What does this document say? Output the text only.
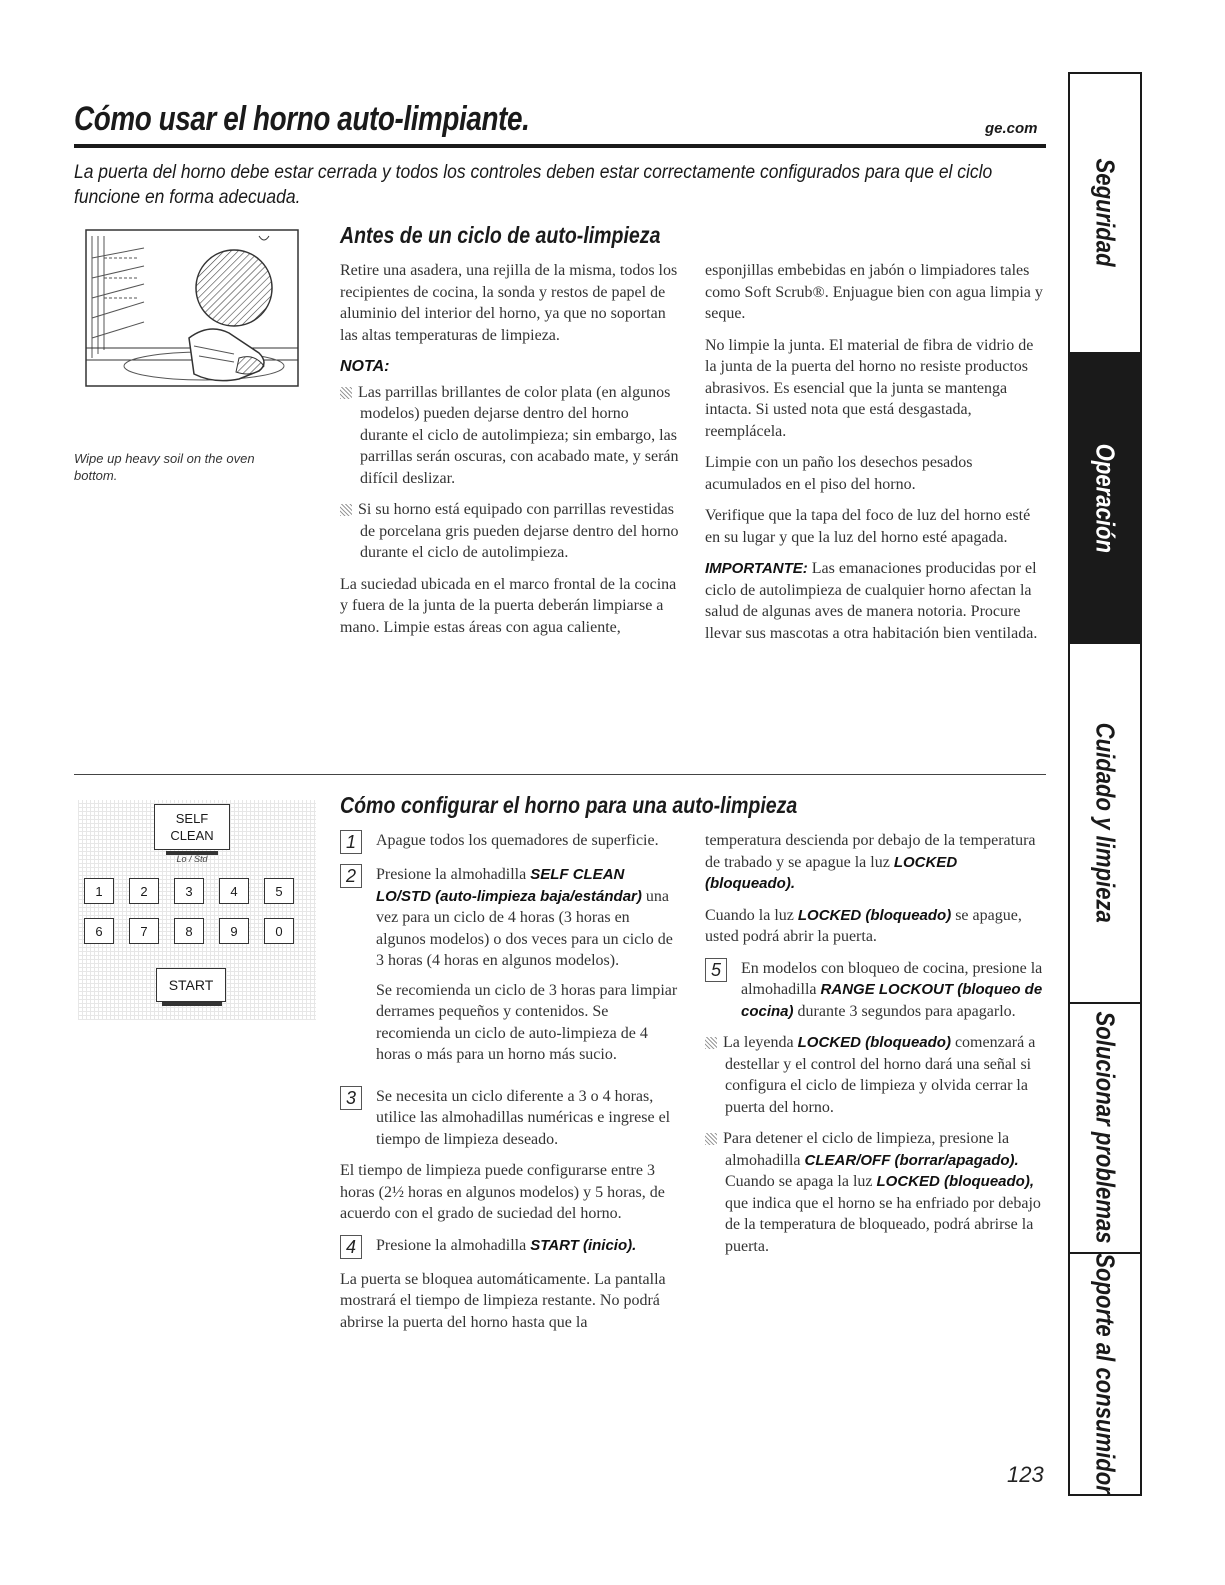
Cómo usar el horno auto-limpiante.	ge.com
La puerta del horno debe estar cerrada y todos los controles deben estar correctamente configurados para que el ciclo funcione en forma adecuada.
Wipe up heavy soil on the oven bottom.
Antes de un ciclo de auto-limpieza

Retire una asadera, una rejilla de la misma, todos los recipientes de cocina, la sonda y restos de papel de aluminio del interior del horno, ya que no soportan las altas temperaturas de limpieza.

NOTA:

Las parrillas brillantes de color plata (en algunos modelos) pueden dejarse dentro del horno durante el ciclo de autolimpieza; sin embargo, las parrillas serán oscuras, con acabado mate, y serán difícil deslizar.

Si su horno está equipado con parrillas revestidas de porcelana gris pueden dejarse dentro del horno durante el ciclo de autolimpieza.

La suciedad ubicada en el marco frontal de la cocina y fuera de la junta de la puerta deberán limpiarse a mano. Limpie estas áreas con agua caliente,

esponjillas embebidas en jabón o limpiadores tales como Soft Scrub®. Enjuague bien con agua limpia y seque.

No limpie la junta. El material de fibra de vidrio de la junta de la puerta del horno no resiste productos abrasivos. Es esencial que la junta se mantenga intacta. Si usted nota que está desgastada, reemplácela.

Limpie con un paño los desechos pesados acumulados en el piso del horno.

Verifique que la tapa del foco de luz del horno esté en su lugar y que la luz del horno esté apagada.

IMPORTANTE: Las emanaciones producidas por el ciclo de autolimpieza de cualquier horno afectan la salud de algunas aves de manera notoria. Procure llevar sus mascotas a otra habitación bien ventilada.

SELF CLEAN
Lo / Std
1	2	3	4	5
6	7	8	9	0
START
Cómo configurar el horno para una auto-limpieza
1	Apague todos los quemadores de superficie.
2	Presione la almohadilla SELF CLEAN LO/STD (auto-limpieza baja/estándar) una vez para un ciclo de 4 horas (3 horas en algunos modelos) o dos veces para un ciclo de 3 horas (4 horas en algunos modelos).

Se recomienda un ciclo de 3 horas para limpiar derrames pequeños y contenidos. Se recomienda un ciclo de auto-limpieza de 4 horas o más para un horno más sucio.

3	Se necesita un ciclo diferente a 3 o 4 horas, utilice las almohadillas numéricas e ingrese el tiempo de limpieza deseado.

El tiempo de limpieza puede configurarse entre 3 horas (2½ horas en algunos modelos) y 5 horas, de acuerdo con el grado de suciedad del horno.

4	Presione la almohadilla START (inicio).

La puerta se bloquea automáticamente. La pantalla mostrará el tiempo de limpieza restante. No podrá abrirse la puerta del horno hasta que la

temperatura descienda por debajo de la temperatura de trabado y se apague la luz LOCKED (bloqueado).

Cuando la luz LOCKED (bloqueado) se apague, usted podrá abrir la puerta.

5	En modelos con bloqueo de cocina, presione la almohadilla RANGE LOCKOUT (bloqueo de cocina) durante 3 segundos para apagarlo.

La leyenda LOCKED (bloqueado) comenzará a destellar y el control del horno dará una señal si configura el ciclo de limpieza y olvida cerrar la puerta del horno.

Para detener el ciclo de limpieza, presione la almohadilla CLEAR/OFF (borrar/apagado). Cuando se apaga la luz LOCKED (bloqueado), que indica que el horno se ha enfriado por debajo de la temperatura de bloqueado, podrá abrirse la puerta.

123
Seguridad
Operación
Cuidado y limpieza
Solucionar problemas
Soporte al consumidor
